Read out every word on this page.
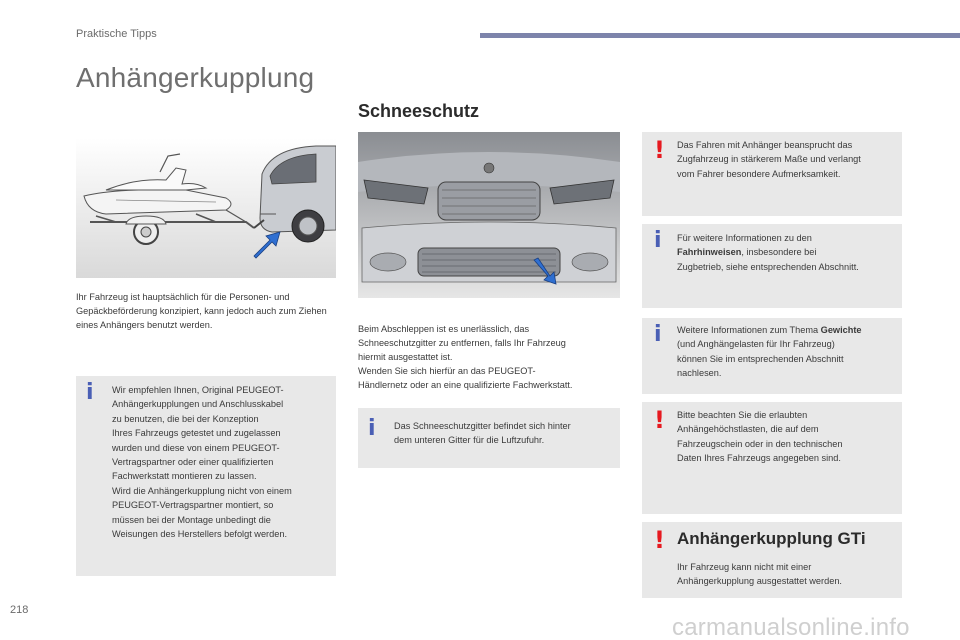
Praktische Tipps
Anhängerkupplung
Schneeschutz

Ihr Fahrzeug ist hauptsächlich für die Personen- und Gepäckbeförderung konzipiert, kann jedoch auch zum Ziehen eines Anhängers benutzt werden.

i Wir empfehlen Ihnen, Original PEUGEOT-
Anhängerkupplungen und Anschlusskabel
zu benutzen, die bei der Konzeption
Ihres Fahrzeugs getestet und zugelassen
wurden und diese von einem PEUGEOT-
Vertragspartner oder einer qualifizierten
Fachwerkstatt montieren zu lassen.
Wird die Anhängerkupplung nicht von einem
PEUGEOT-Vertragspartner montiert, so
müssen bei der Montage unbedingt die
Weisungen des Herstellers befolgt werden.
Beim Abschleppen ist es unerlässlich, das
Schneeschutzgitter zu entfernen, falls Ihr Fahrzeug
hiermit ausgestattet ist.
Wenden Sie sich hierfür an das PEUGEOT-
Händlernetz oder an eine qualifizierte Fachwerkstatt.
i Das Schneeschutzgitter befindet sich hinter
dem unteren Gitter für die Luftzufuhr.
! Das Fahren mit Anhänger beansprucht das
Zugfahrzeug in stärkerem Maße und verlangt
vom Fahrer besondere Aufmerksamkeit.
i Für weitere Informationen zu den
Fahrhinweisen, insbesondere bei
Zugbetrieb, siehe entsprechenden Abschnitt.
i Weitere Informationen zum Thema Gewichte
(und Anghängelasten für Ihr Fahrzeug)
können Sie im entsprechenden Abschnitt
nachlesen.
! Bitte beachten Sie die erlaubten
Anhängehöchstlasten, die auf dem
Fahrzeugschein oder in den technischen
Daten Ihres Fahrzeugs angegeben sind.
! Anhängerkupplung GTi
Ihr Fahrzeug kann nicht mit einer
Anhängerkupplung ausgestattet werden.
218
carmanualsonline.info
